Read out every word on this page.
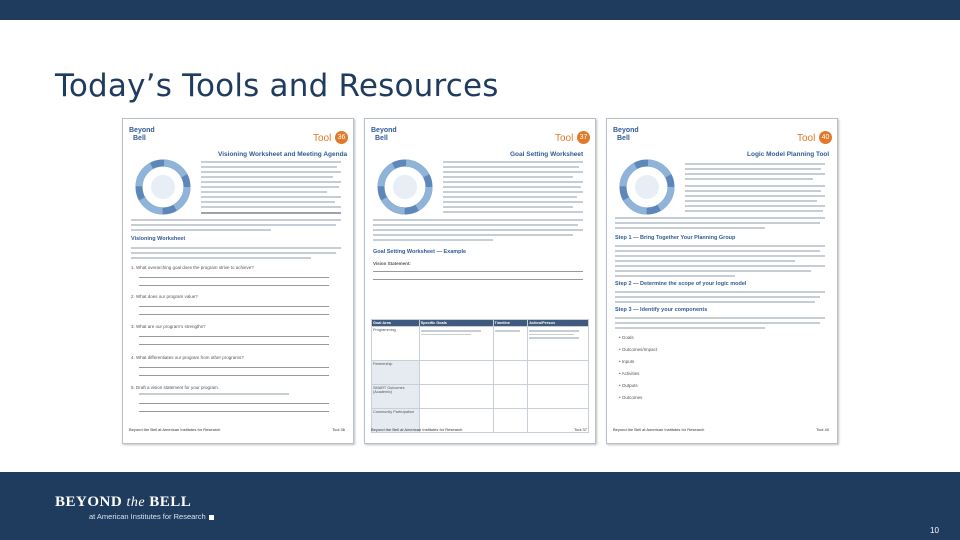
Today’s Tools and Resources
Beyond
Bell	Tool 36
Visioning Worksheet and Meeting Agenda
Visioning Worksheet
1. What overarching goal does the program strive to achieve?
2. What does our program value?
3. What are our program’s strengths?
4. What differentiates our program from other programs?
5. Draft a vision statement for your program.
Beyond the Bell at American Institutes for Research	Tool 36
Beyond
Bell	Tool 37
Goal Setting Worksheet
Goal Setting Worksheet — Example
Vision Statement:
Goal Area	Specific Goals	Timeline	Action/Person
Programming	

Partnership			
SMART Outcomes (Academic)			
Community Participation			
Beyond the Bell at American Institutes for Research	Tool 37
Beyond
Bell	Tool 40
Logic Model Planning Tool
Step 1 — Bring Together Your Planning Group
Step 2 — Determine the scope of your logic model
Step 3 — Identify your components
• Goals
• Outcomes/Impact
• Inputs
• Activities
• Outputs
• Outcomes
Beyond the Bell at American Institutes for Research	Tool 40
BEYOND the BELL
at American Institutes for Research
10
